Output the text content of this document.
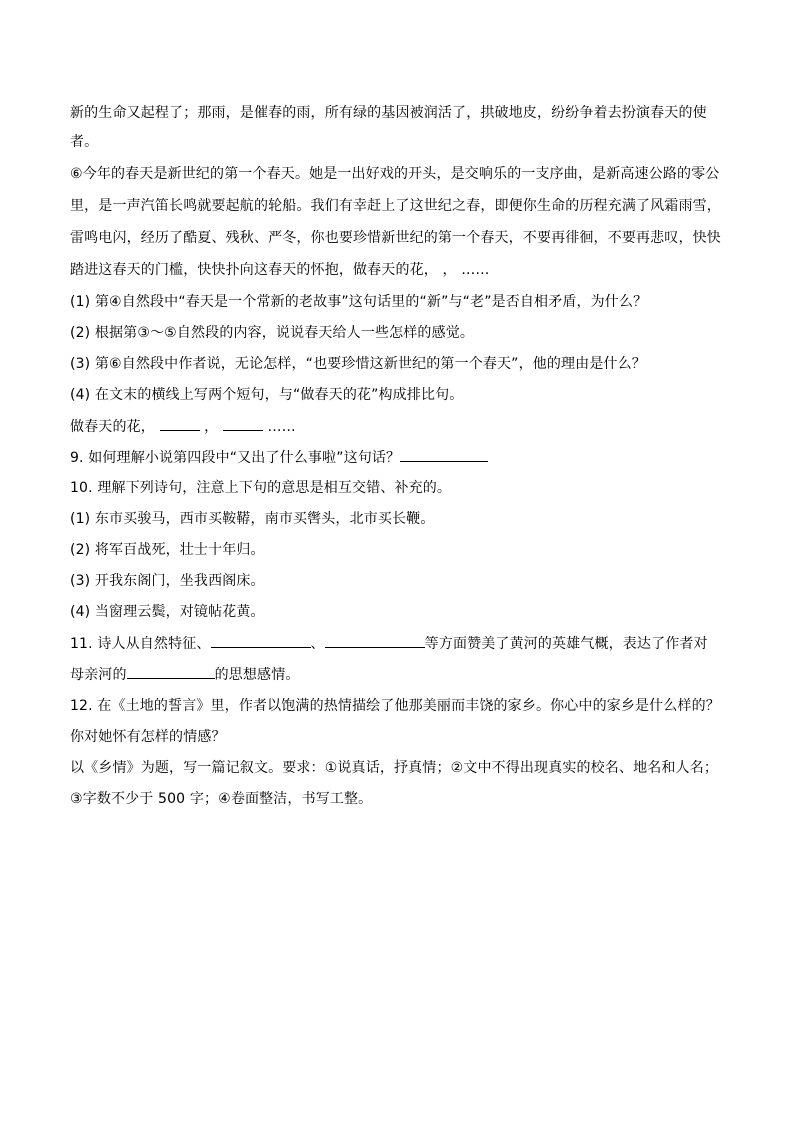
新的生命又起程了；那雨，是催春的雨，所有绿的基因被润活了，拱破地皮，纷纷争着去扮演春天的使
者。
⑥今年的春天是新世纪的第一个春天。她是一出好戏的开头，是交响乐的一支序曲，是新高速公路的零公
里，是一声汽笛长鸣就要起航的轮船。我们有幸赶上了这世纪之春，即便你生命的历程充满了风霜雨雪，
雷鸣电闪，经历了酷夏、残秋、严冬，你也要珍惜新世纪的第一个春天，不要再徘徊，不要再悲叹，快快
踏进这春天的门槛，快快扑向这春天的怀抱，做春天的花， ， ……
(1) 第④自然段中“春天是一个常新的老故事”这句话里的“新”与“老”是否自相矛盾，为什么？
(2) 根据第③～⑤自然段的内容，说说春天给人一些怎样的感觉。
(3) 第⑥自然段中作者说，无论怎样，“也要珍惜这新世纪的第一个春天”，他的理由是什么？
(4) 在文末的横线上写两个短句，与“做春天的花”构成排比句。
做春天的花，	，	……
9. 如何理解小说第四段中“又出了什么事啦”这句话？
10. 理解下列诗句，注意上下句的意思是相互交错、补充的。
(1) 东市买骏马，西市买鞍鞯，南市买辔头，北市买长鞭。
(2) 将军百战死，壮士十年归。
(3) 开我东阁门，坐我西阁床。
(4) 当窗理云鬓，对镜帖花黄。
11. 诗人从自然特征、	、	等方面赞美了黄河的英雄气概，表达了作者对
母亲河的	的思想感情。
12. 在《土地的誓言》里，作者以饱满的热情描绘了他那美丽而丰饶的家乡。你心中的家乡是什么样的？
你对她怀有怎样的情感？
以《乡情》为题，写一篇记叙文。要求：①说真话，抒真情；②文中不得出现真实的校名、地名和人名；
③字数不少于 500 字；④卷面整洁，书写工整。
